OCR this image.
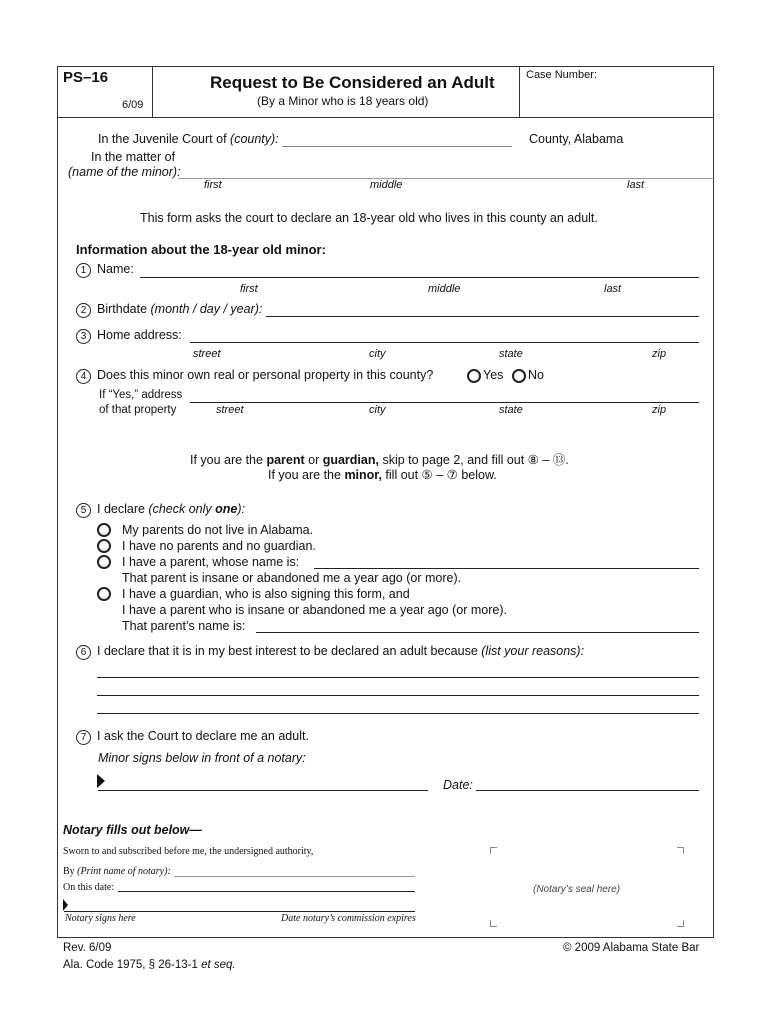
PS–16
6/09
Request to Be Considered an Adult
(By a Minor who is 18 years old)
Case Number:
In the Juvenile Court of (county):	County, Alabama
In the matter of
(name of the minor):
first	middle	last
This form asks the court to declare an 18-year old who lives in this county an adult.
Information about the 18-year old minor:
1 Name:
first	middle	last
2 Birthdate (month / day / year):
3 Home address:
street	city	state	zip
4 Does this minor own real or personal property in this county?	Yes No
If “Yes,” address
of that property	street	city	state	zip
If you are the parent or guardian, skip to page 2, and fill out ⑧ – ⑬.
If you are the minor, fill out ⑤ – ⑦ below.
5 I declare (check only one):
My parents do not live in Alabama.
I have no parents and no guardian.
I have a parent, whose name is:
That parent is insane or abandoned me a year ago (or more).
I have a guardian, who is also signing this form, and
I have a parent who is insane or abandoned me a year ago (or more).
That parent’s name is:
6 I declare that it is in my best interest to be declared an adult because (list your reasons):
7 I ask the Court to declare me an adult.
Minor signs below in front of a notary:
Date:
Notary fills out below—
Sworn to and subscribed before me, the undersigned authority,
By (Print name of notary):
On this date:
Notary signs here	Date notary’s commission expires
(Notary’s seal here)
Rev. 6/09
Ala. Code 1975, § 26-13-1 et seq.
© 2009 Alabama State Bar
